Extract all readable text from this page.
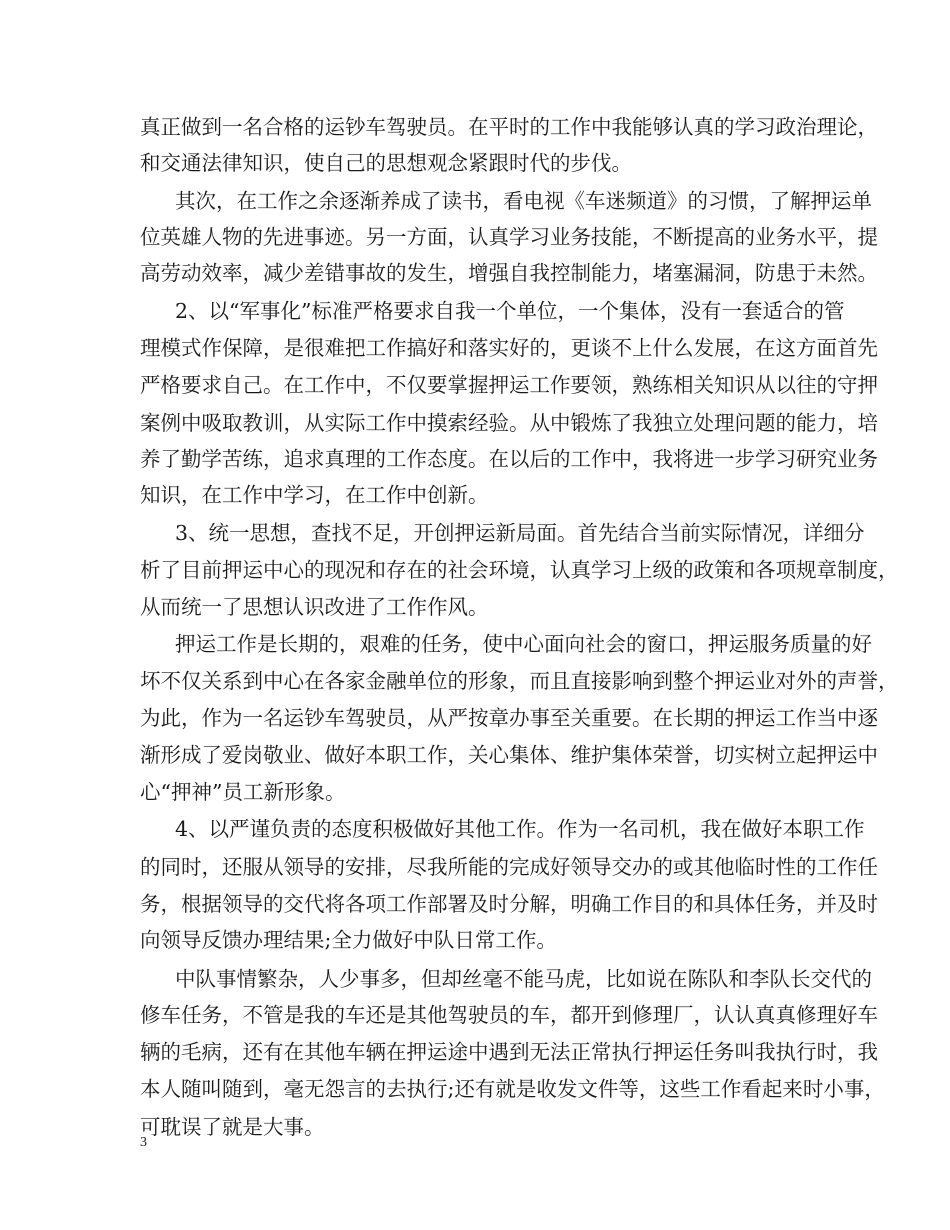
真正做到一名合格的运钞车驾驶员。在平时的工作中我能够认真的学习政治理论，
和交通法律知识，使自己的思想观念紧跟时代的步伐。
其次，在工作之余逐渐养成了读书，看电视《车迷频道》的习惯，了解押运单
位英雄人物的先进事迹。另一方面，认真学习业务技能，不断提高的业务水平，提
高劳动效率，减少差错事故的发生，增强自我控制能力，堵塞漏洞，防患于未然。
2、以“军事化”标准严格要求自我一个单位，一个集体，没有一套适合的管
理模式作保障，是很难把工作搞好和落实好的，更谈不上什么发展，在这方面首先
严格要求自己。在工作中，不仅要掌握押运工作要领，熟练相关知识从以往的守押
案例中吸取教训，从实际工作中摸索经验。从中锻炼了我独立处理问题的能力，培
养了勤学苦练，追求真理的工作态度。在以后的工作中，我将进一步学习研究业务
知识，在工作中学习，在工作中创新。
3、统一思想，查找不足，开创押运新局面。首先结合当前实际情况，详细分
析了目前押运中心的现况和存在的社会环境，认真学习上级的政策和各项规章制度，
从而统一了思想认识改进了工作作风。
押运工作是长期的，艰难的任务，使中心面向社会的窗口，押运服务质量的好
坏不仅关系到中心在各家金融单位的形象，而且直接影响到整个押运业对外的声誉，
为此，作为一名运钞车驾驶员，从严按章办事至关重要。在长期的押运工作当中逐
渐形成了爱岗敬业、做好本职工作，关心集体、维护集体荣誉，切实树立起押运中
心“押神”员工新形象。
4、以严谨负责的态度积极做好其他工作。作为一名司机，我在做好本职工作
的同时，还服从领导的安排，尽我所能的完成好领导交办的或其他临时性的工作任
务，根据领导的交代将各项工作部署及时分解，明确工作目的和具体任务，并及时
向领导反馈办理结果;全力做好中队日常工作。
中队事情繁杂，人少事多，但却丝毫不能马虎，比如说在陈队和李队长交代的
修车任务，不管是我的车还是其他驾驶员的车，都开到修理厂，认认真真修理好车
辆的毛病，还有在其他车辆在押运途中遇到无法正常执行押运任务叫我执行时，我
本人随叫随到，毫无怨言的去执行;还有就是收发文件等，这些工作看起来时小事，
可耽误了就是大事。
3
